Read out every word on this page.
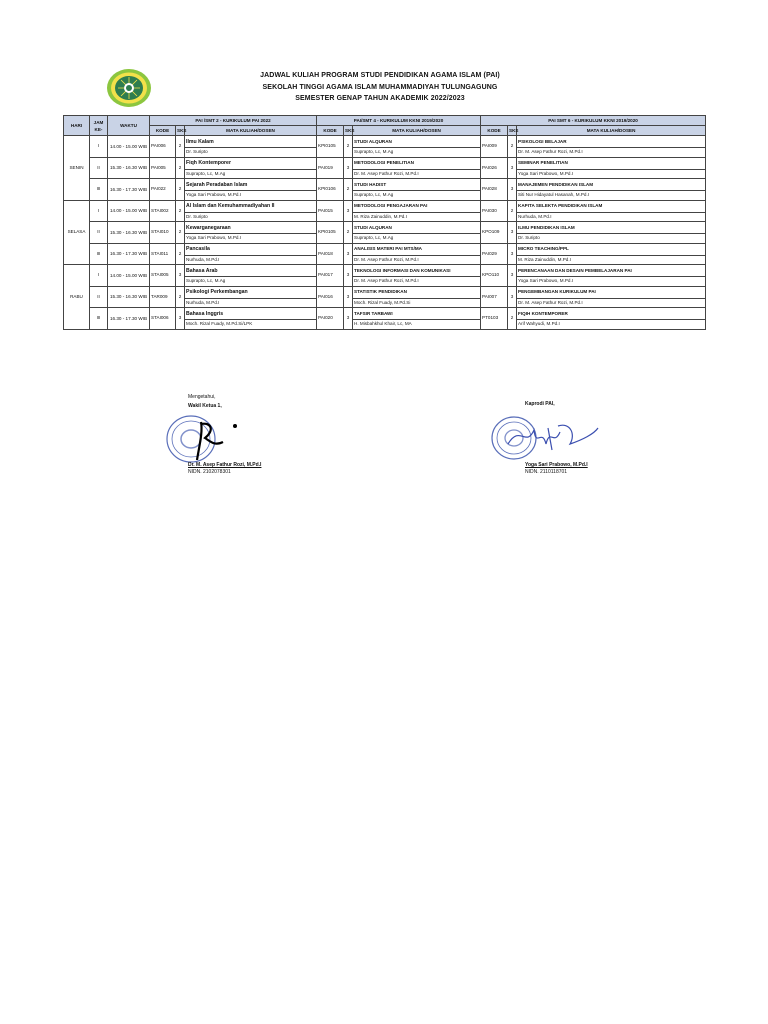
JADWAL KULIAH PROGRAM STUDI PENDIDIKAN AGAMA ISLAM (PAI)
SEKOLAH TINGGI AGAMA ISLAM MUHAMMADIYAH TULUNGAGUNG
SEMESTER GENAP TAHUN AKADEMIK 2022/2023
HARI	JAM KE-	WAKTU	PAI /SMT 2 - KURIKULUM PAI 2022			PAI/SMT 4 - KURIKULUM KKNI 2019/2020			PAI SMT 6 - KURIKULUM KKNI 2019/2020		
			KODE	SKS	MATA KULIAH/DOSEN	KODE	SKS	MATA KULIAH/DOSEN	KODE	SKS	MATA KULIAH/DOSEN
SENIN	I	14.00 - 15.00 WIB	PAI006	2	Ilmu Kalam	KPI0105	2	STUDI ALQURAN	PAI009	2	PSIKOLOGI BELAJAR
					Dr. Suripto			Suprapto, Lc, M.Ag			Dr. M. Asep Fathur Rozi, M.Pd.I
	II	15.30 - 16.30 WIB	PAI005	2	Fiqh Kontemporer	PAI019	3	METODOLOGI PENELITIAN	PAI026	3	SEMINAR PENELITIAN
					Suprapto, Lc, M.Ag			Dr. M. Asep Fathur Rozi, M.Pd.I			Yoga Sari Prabowo, M.Pd.I
	III	16.30 - 17.30 WIB	PAI022	2	Sejarah Peradaban Islam	KPI0106	2	STUDI HADIST	PAI028	3	MANAJEMEN PENDIDIKAN ISLAM
					Yoga Sari Prabowo, M.Pd.I			Suprapto, Lc, M.Ag			Siti Nur Hidayatul Hasanah, M.Pd.I
SELASA	I	14.00 - 15.00 WIB	STAI002	2	Al Islam dan Kemuhammadiyahan II	PAI015	3	METODOLOGI PENGAJARAN PAI	PAI030	2	KAPITA SELEKTA PENDIDIKAN ISLAM
					Dr. Suripto			M. Riza Zainuddin, M.Pd.I			Nurhuda, M.Pd.I
	II	15.30 - 16.30 WIB	STAI010	2	Kewarganegaraan	KPI0105	2	STUDI ALQURAN	KPO109	3	ILMU PENDIDIKAN ISLAM
					Yoga Sari Prabowo, M.Pd.I			Suprapto, Lc, M.Ag			Dr. Suripto
	III	16.30 - 17.30 WIB	STAI011	2	Pancasila	PAI018	3	ANALISIS MATERI PAI MTS/MA	PAI029	3	MICRO TEACHING/PPL
					Nurhuda, M.Pd.I			Dr. M. Asep Fathur Rozi, M.Pd.I			M. Riza Zainuddin, M.Pd.I
RABU	I	14.00 - 15.00 WIB	STAI005	3	Bahasa Arab	PAI017	3	TEKNOLOGI INFORMASI DAN KOMUNIKASI	KPO110	3	PERENCANAAN DAN DESAIN PEMBELAJARAN PAI
					Suprapto, Lc, M.Ag			Dr. M. Asep Fathur Rozi, M.Pd.I			Yoga Sari Prabowo, M.Pd.I
	II	15.30 - 16.30 WIB	TAR009	2	Psikologi Perkembangan	PAI016	3	STATISTIK PENDIDIKAN	PAI007	3	PENGEMBANGAN KURIKULUM PAI
					Nurhuda, M.Pd.I			Moch. Rizal Fuady, M.Pd.Si			Dr. M. Asep Fathur Rozi, M.Pd.I
	III	16.30 - 17.30 WIB	STAI006	3	Bahasa Inggris	PAI020	3	TAFSIR TARBAWI	PT0103	2	FIQIH KONTEMPORER
					Moch. Rizal Fuady, M.Pd.Si/LPK			H. Misbahkhul Khair, Lc, MA			Arif Wahyudi, M.Pd.I
Mengetahui,
Wakil Ketua 1,
Dr. M. Asep Fathur Rozi, M.Pd.I
NIDN. 2102078301
Kaprodi PAI,
Yoga Sari Prabowo, M.Pd.I
NIDN. 2110118701
